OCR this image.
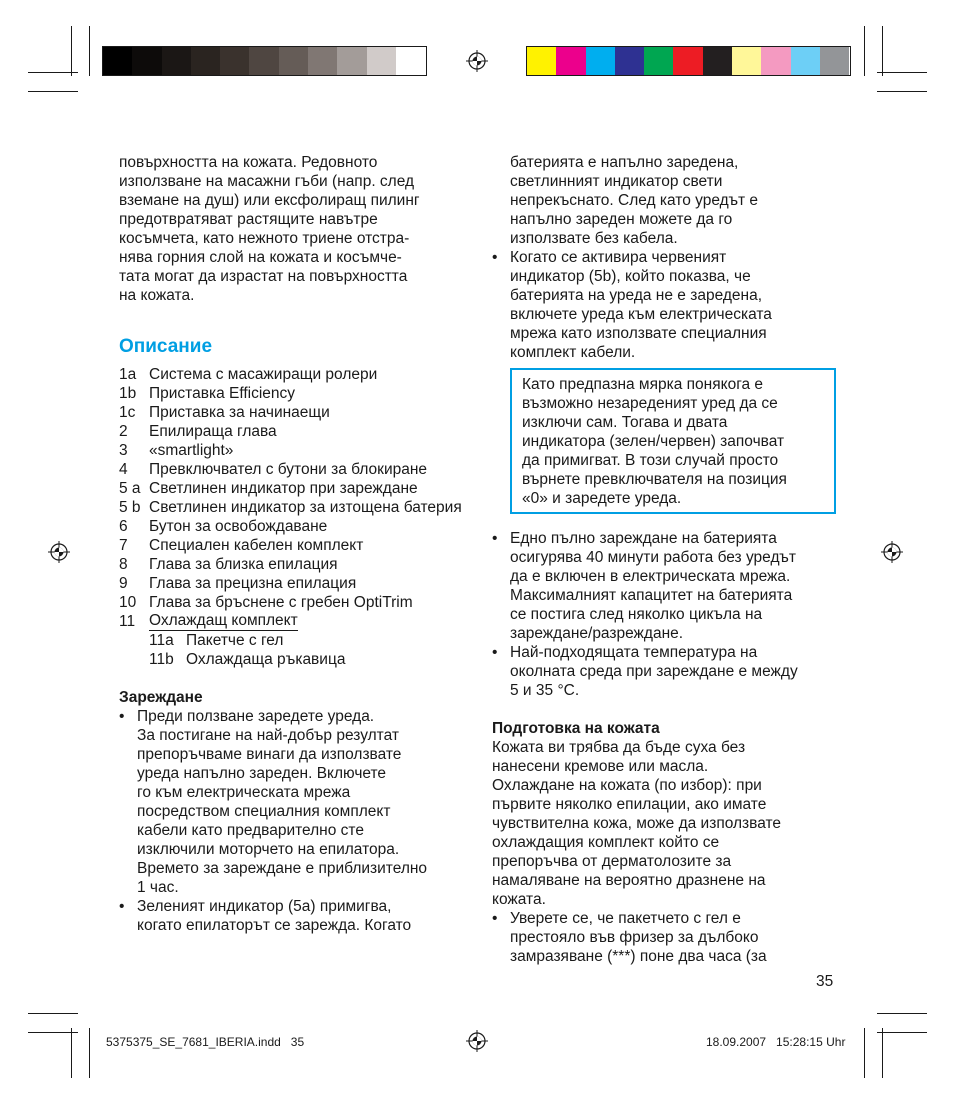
повърхността на кожата. Редовното
използване на масажни гъби (напр. след
вземане на душ) или ексфолиращ пилинг
предотвратяват растящите навътре
косъмчета, като нежното триене отстра-
нява горния слой на кожата и косъмче-
тата могат да израстат на повърхността
на кожата.
Описание
1a Система с масажиращи ролери
1b Приставка Efficiency
1c Приставка за начинаещи
2	Епилираща глава
3	«smartlight»
4	Превключвател с бутони за блокиране
5 a Светлинен индикатор при зареждане
5 b Светлинен индикатор за изтощена батерия
6	Бутон за освобождаване
7	Специален кабелен комплект
8	Глава за близка епилация
9	Глава за прецизна епилация
10 Глава за бръснене с гребен OptiTrim
11 Охлаждащ комплект
11a Пакетче с гел
11b Охлаждаща ръкавица
Зареждане
• Преди ползване заредете уреда.
За постигане на най-добър резултат
препоръчваме винаги да използвате
уреда напълно зареден. Включете
го към електрическата мрежа
посредством специалния комплект
кабели като предварително сте
изключили моторчето на епилатора.
Времето за зареждане е приблизително
1 час.
• Зеленият индикатор (5a) примигва,
когато епилаторът се зарежда. Когато
батерията е напълно заредена,
светлинният индикатор свети
непрекъснато. След като уредът е
напълно зареден можете да го
използвате без кабела.
• Когато се активира червеният
индикатор (5b), който показва, че
батерията на уреда не е заредена,
включете уреда към електрическата
мрежа като използвате специалния
комплект кабели.
Като предпазна мярка понякога е
възможно незаредeният уред да се
изключи сам. Тогава и двата
индикатора (зелен/червен) започват
да примигват. В този случай просто
върнете превключвателя на позиция
«0» и заредете уреда.
• Едно пълно зареждане на батерията
осигурява 40 минути работа без уредът
да е включен в електрическата мрежа.
Максималният капацитет на батерията
се постига след няколко цикъла на
зареждане/разреждане.
• Най-подходящата температура на
околната среда при зареждане е между
5 и 35 °C.
Подготовка на кожата
Кожата ви трябва да бъде суха без
нанесени кремове или масла.
Охлаждане на кожата (по избор): при
първите няколко епилации, ако имате
чувствителна кожа, може да използвате
охлаждащия комплект който се
препоръчва от дерматолозите за
намаляване на вероятно дразнене на
кожата.
• Уверете се, че пакетчето с гел е
престояло във фризер за дълбоко
замразяване (***) поне два часа (за
35
5375375_SE_7681_IBERIA.indd   35	18.09.2007   15:28:15 Uhr
